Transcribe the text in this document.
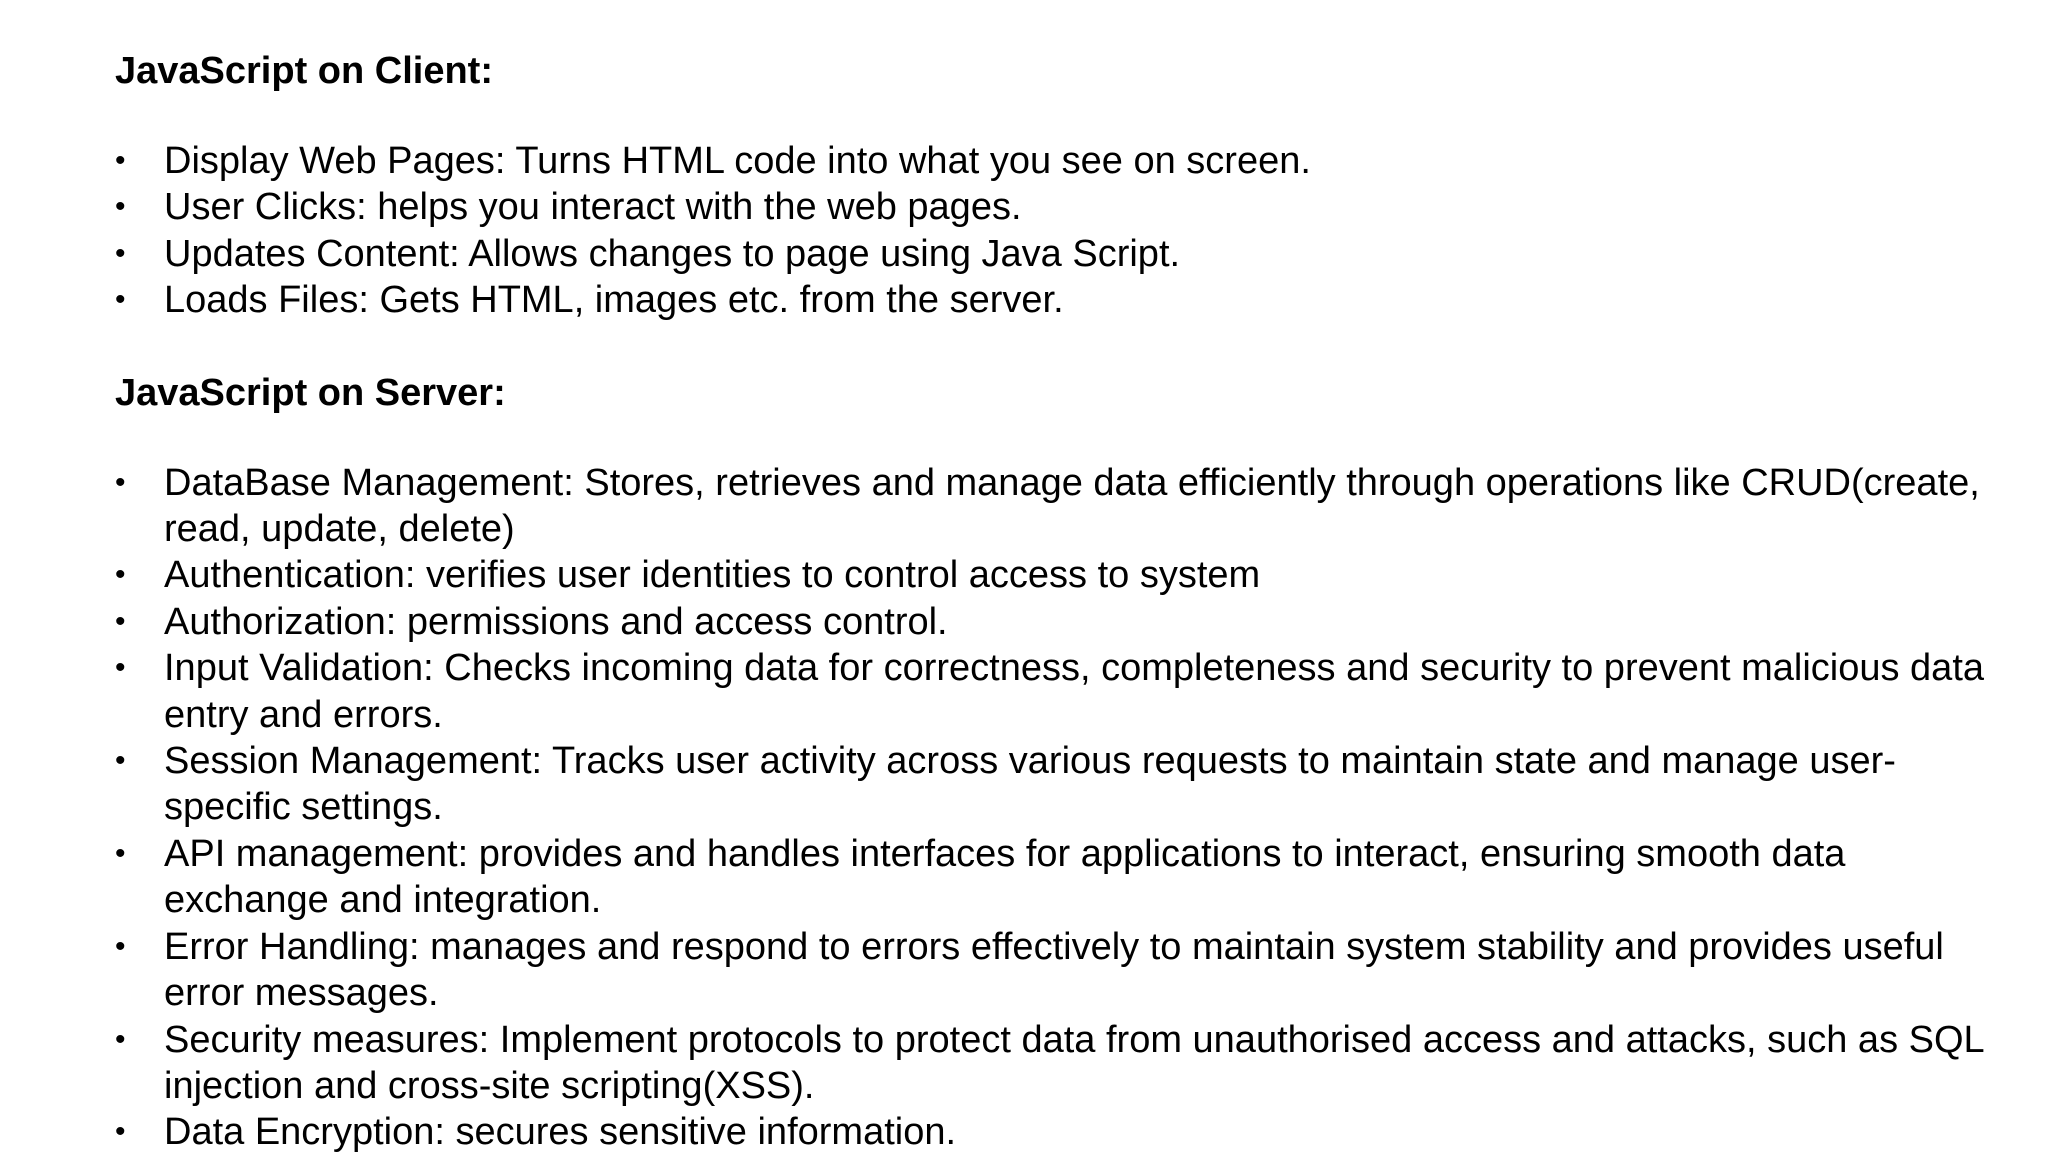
JavaScript on Client:
• Display Web Pages: Turns HTML code into what you see on screen.
• User Clicks: helps you interact with the web pages.
• Updates Content: Allows changes to page using Java Script.
• Loads Files: Gets HTML, images etc. from the server.
JavaScript on Server:
• DataBase Management: Stores, retrieves and manage data efficiently through operations like CRUD(create, read, update, delete)
• Authentication: verifies user identities to control access to system
• Authorization: permissions and access control.
• Input Validation: Checks incoming data for correctness, completeness and security to prevent malicious data entry and errors.
• Session Management: Tracks user activity across various requests to maintain state and manage user-specific settings.
• API management: provides and handles interfaces for applications to interact, ensuring smooth data exchange and integration.
• Error Handling: manages and respond to errors effectively to maintain system stability and provides useful error messages.
• Security measures: Implement protocols to protect data from unauthorised access and attacks, such as SQL injection and cross-site scripting(XSS).
• Data Encryption: secures sensitive information.
